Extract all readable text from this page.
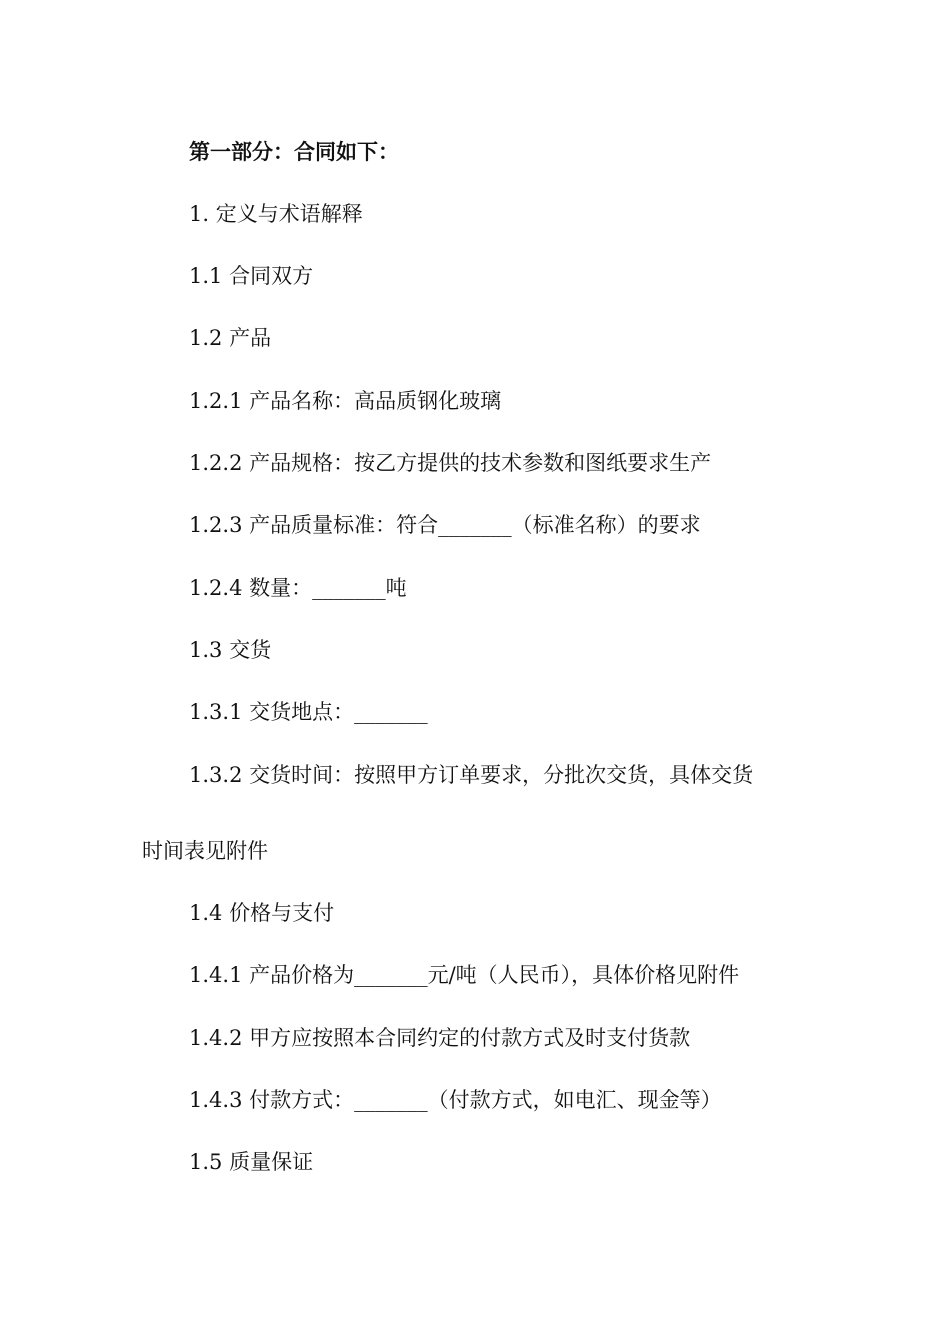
第一部分：合同如下：
1. 定义与术语解释
1.1 合同双方
1.2 产品
1.2.1 产品名称：高品质钢化玻璃
1.2.2 产品规格：按乙方提供的技术参数和图纸要求生产
1.2.3 产品质量标准：符合_______（标准名称）的要求
1.2.4 数量：_______吨
1.3 交货
1.3.1 交货地点：_______
1.3.2 交货时间：按照甲方订单要求，分批次交货，具体交货
时间表见附件
1.4 价格与支付
1.4.1 产品价格为_______元/吨（人民币），具体价格见附件
1.4.2 甲方应按照本合同约定的付款方式及时支付货款
1.4.3 付款方式：_______（付款方式，如电汇、现金等）
1.5 质量保证
